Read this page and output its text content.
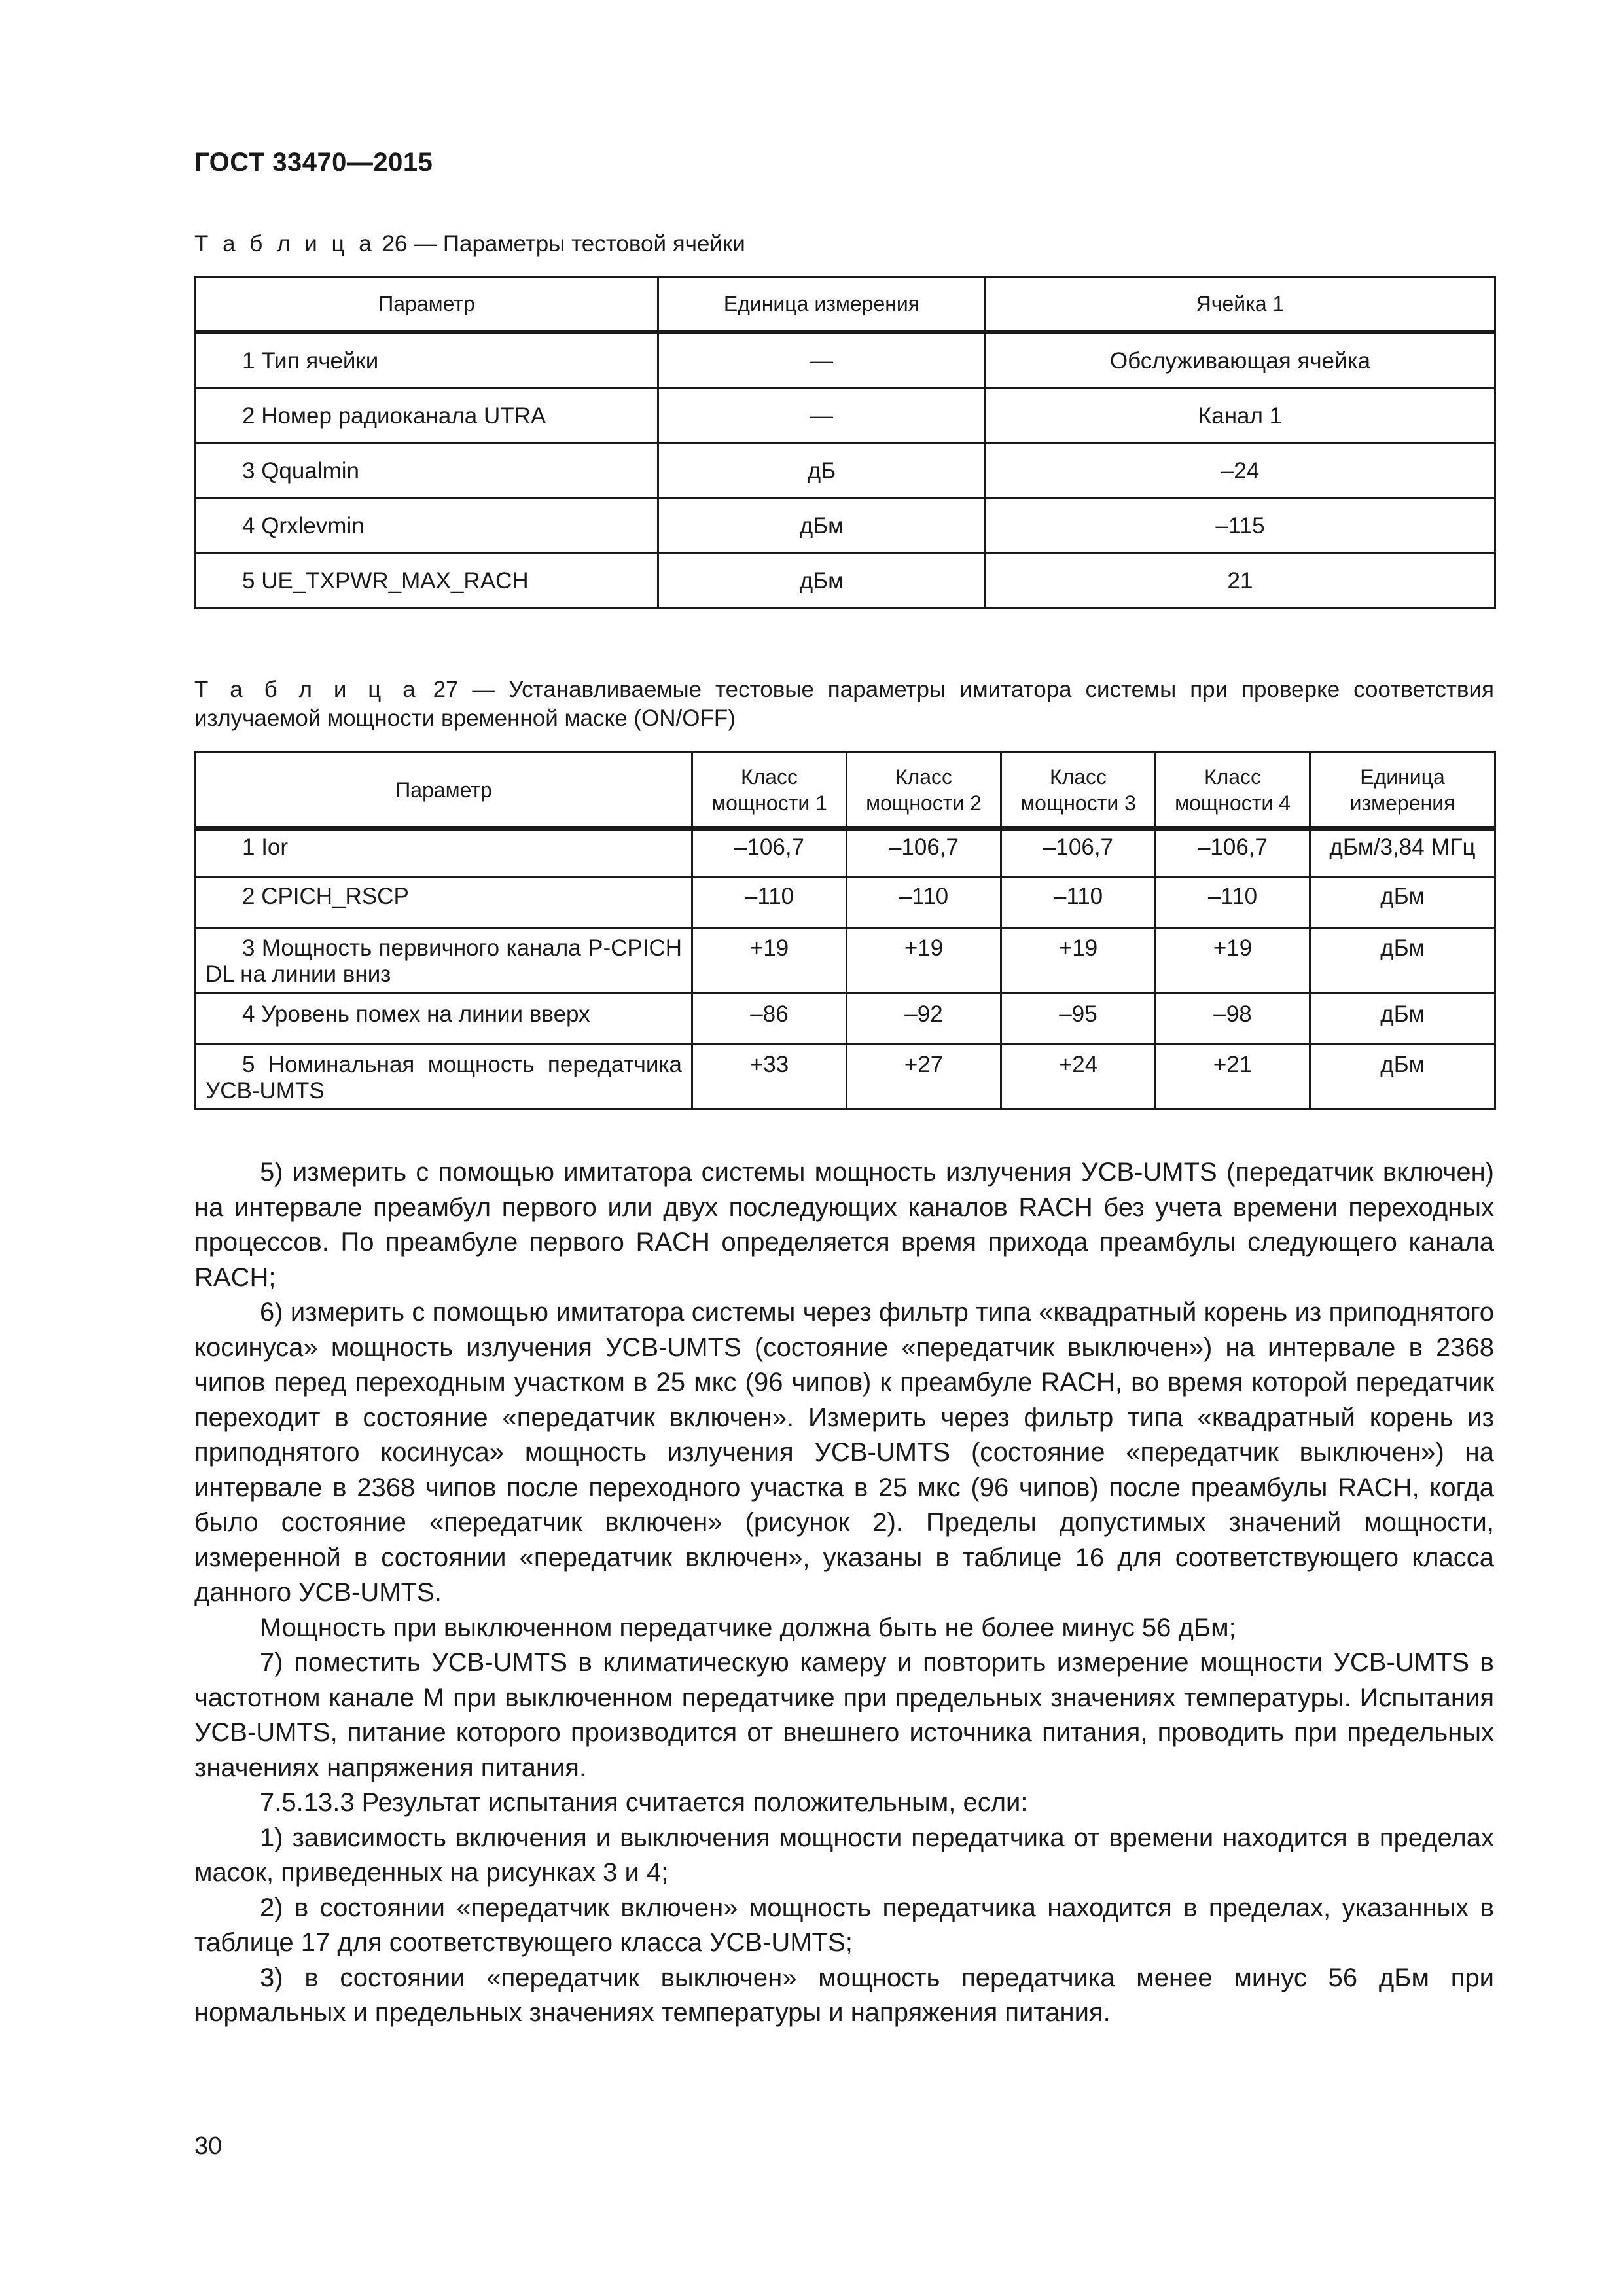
ГОСТ 33470—2015
Т а б л и ц а 26 — Параметры тестовой ячейки
Параметр	Единица измерения	Ячейка 1
1 Тип ячейки	—	Обслуживающая ячейка
2 Номер радиоканала UTRA	—	Канал 1
3 Qqualmin	дБ	–24
4 Qrxlevmin	дБм	–115
5 UE_TXPWR_MAX_RACH	дБм	21
Т а б л и ц а 27 — Устанавливаемые тестовые параметры имитатора системы при проверке соответствия излучаемой мощности временной маске (ON/OFF)
Параметр	Класс мощности 1	Класс мощности 2	Класс мощности 3	Класс мощности 4	Единица измерения

1 Ior	–106,7	–106,7	–106,7	–106,7	дБм/3,84 МГц

2 CPICH_RSCP	–110	–110	–110	–110	дБм
3 Мощность первичного канала P-CPICH DL на линии вниз	+19	+19	+19	+19	дБм

4 Уровень помех на линии вверх	–86	–92	–95	–98	дБм
5 Номинальная мощность передатчика УСВ-UMTS	+33	+27	+24	+21	дБм

5) измерить с помощью имитатора системы мощность излучения УСВ-UMTS (передатчик включен) на интервале преамбул первого или двух последующих каналов RACH без учета времени переходных процессов. По преамбуле первого RACH определяется время прихода преамбулы следующего канала RACH;

6) измерить с помощью имитатора системы через фильтр типа «квадратный корень из приподнятого косинуса» мощность излучения УСВ-UMTS (состояние «передатчик выключен») на интервале в 2368 чипов перед переходным участком в 25 мкс (96 чипов) к преамбуле RACH, во время которой передатчик переходит в состояние «передатчик включен». Измерить через фильтр типа «квадратный корень из приподнятого косинуса» мощность излучения УСВ-UMTS (состояние «передатчик выключен») на интервале в 2368 чипов после переходного участка в 25 мкс (96 чипов) после преамбулы RACH, когда было состояние «передатчик включен» (рисунок 2). Пределы допустимых значений мощности, измеренной в состоянии «передатчик включен», указаны в таблице 16 для соответствующего класса данного УСВ-UMTS.

Мощность при выключенном передатчике должна быть не более минус 56 дБм;

7) поместить УСВ-UMTS в климатическую камеру и повторить измерение мощности УСВ-UMTS в частотном канале M при выключенном передатчике при предельных значениях температуры. Испытания УСВ-UMTS, питание которого производится от внешнего источника питания, проводить при предельных значениях напряжения питания.

7.5.13.3 Результат испытания считается положительным, если:

1) зависимость включения и выключения мощности передатчика от времени находится в пределах масок, приведенных на рисунках 3 и 4;

2) в состоянии «передатчик включен» мощность передатчика находится в пределах, указанных в таблице 17 для соответствующего класса УСВ-UMTS;

3) в состоянии «передатчик выключен» мощность передатчика менее минус 56 дБм при нормальных и предельных значениях температуры и напряжения питания.

30
